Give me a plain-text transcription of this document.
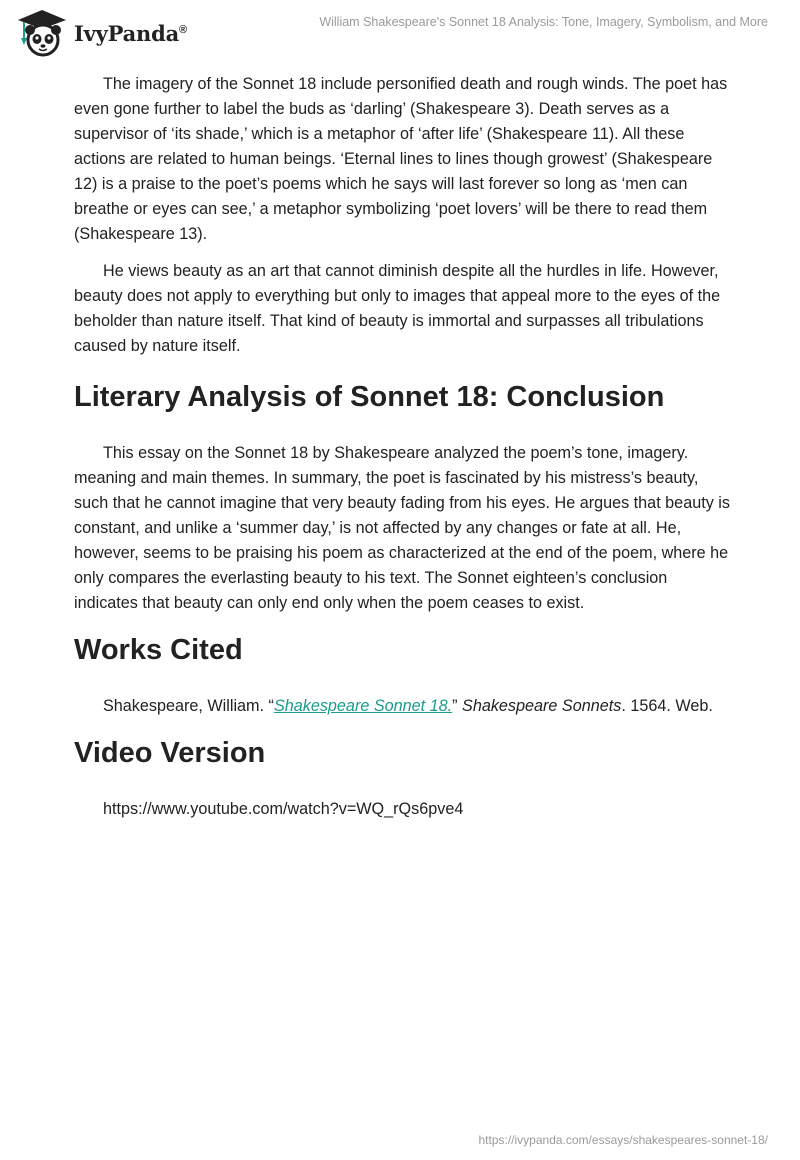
IvyPanda®
William Shakespeare's Sonnet 18 Analysis: Tone, Imagery, Symbolism, and More

The imagery of the Sonnet 18 include personified death and rough winds. The poet has even gone further to label the buds as ‘darling’ (Shakespeare 3). Death serves as a supervisor of ‘its shade,’ which is a metaphor of ‘after life’ (Shakespeare 11). All these actions are related to human beings. ‘Eternal lines to lines though growest’ (Shakespeare 12) is a praise to the poet’s poems which he says will last forever so long as ‘men can breathe or eyes can see,’ a metaphor symbolizing ‘poet lovers’ will be there to read them (Shakespeare 13).

He views beauty as an art that cannot diminish despite all the hurdles in life. However, beauty does not apply to everything but only to images that appeal more to the eyes of the beholder than nature itself. That kind of beauty is immortal and surpasses all tribulations caused by nature itself.

Literary Analysis of Sonnet 18: Conclusion

This essay on the Sonnet 18 by Shakespeare analyzed the poem’s tone, imagery. meaning and main themes. In summary, the poet is fascinated by his mistress’s beauty, such that he cannot imagine that very beauty fading from his eyes. He argues that beauty is constant, and unlike a ‘summer day,’ is not affected by any changes or fate at all. He, however, seems to be praising his poem as characterized at the end of the poem, where he only compares the everlasting beauty to his text. The Sonnet eighteen’s conclusion indicates that beauty can only end only when the poem ceases to exist.

Works Cited

Shakespeare, William. “Shakespeare Sonnet 18.” Shakespeare Sonnets. 1564. Web.

Video Version

https://www.youtube.com/watch?v=WQ_rQs6pve4

https://ivypanda.com/essays/shakespeares-sonnet-18/
